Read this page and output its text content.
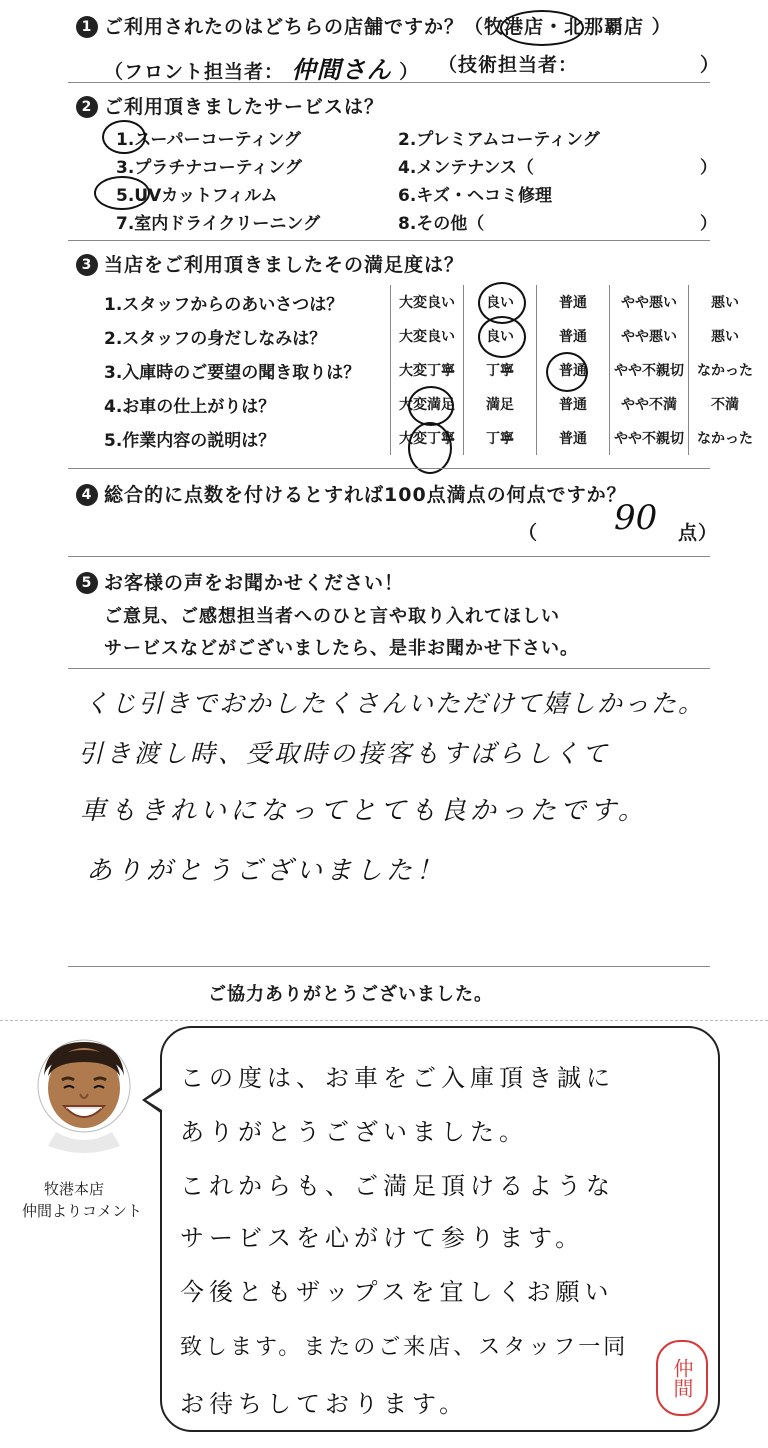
1 ご利用されたのはどちらの店舗ですか？（牧港店・北那覇店 ）
（フロント担当者： 仲間さん ） （技術担当者：	）
2 ご利用頂きましたサービスは？
1.スーパーコーティング	2.プレミアムコーティング
3.プラチナコーティング	4.メンテナンス（	）
5.UVカットフィルム	6.キズ・ヘコミ修理
7.室内ドライクリーニング	8.その他（	）
3 当店をご利用頂きましたその満足度は？
1.スタッフからのあいさつは？	大変良い	良い	普通	やや悪い	悪い
2.スタッフの身だしなみは？	大変良い	良い	普通	やや悪い	悪い
3.入庫時のご要望の聞き取りは？	大変丁寧	丁寧	普通	やや不親切	なかった
4.お車の仕上がりは？	大変満足	満足	普通	やや不満	不満
5.作業内容の説明は？	大変丁寧	丁寧	普通	やや不親切	なかった
4 総合的に点数を付けるとすれば100点満点の何点ですか？
（ 90 点）
5 お客様の声をお聞かせください！
ご意見、ご感想担当者へのひと言や取り入れてほしい
サービスなどがございましたら、是非お聞かせ下さい。
くじ引きでおかしたくさんいただけて嬉しかった。
引き渡し時、受取時の接客もすばらしくて
車もきれいになってとても良かったです。
ありがとうございました！
ご協力ありがとうございました。
牧港本店
仲間よりコメント
この度は、お車をご入庫頂き誠に
ありがとうございました。
これからも、ご満足頂けるような
サービスを心がけて参ります。
今後ともザップスを宜しくお願い
致します。またのご来店、スタッフ一同
お待ちしております。
仲間
